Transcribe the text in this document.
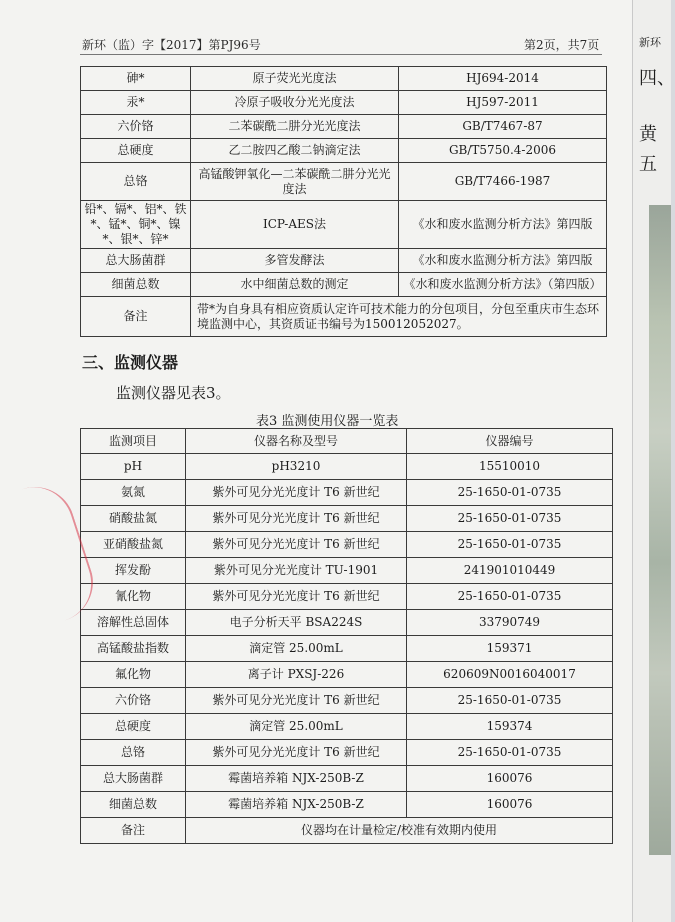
新环（监）字【2017】第PJ96号	第2页，共7页
砷*	原子荧光光度法	HJ694-2014
汞*	冷原子吸收分光光度法	HJ597-2011
六价铬	二苯碳酰二肼分光光度法	GB/T7467-87
总硬度	乙二胺四乙酸二钠滴定法	GB/T5750.4-2006
总铬	高锰酸钾氧化—二苯碳酰二肼分光光度法	GB/T7466-1987
铅*、镉*、铝*、铁*、锰*、铜*、镍*、银*、锌*	ICP-AES法	《水和废水监测分析方法》第四版
总大肠菌群	多管发酵法	《水和废水监测分析方法》第四版
细菌总数	水中细菌总数的测定	《水和废水监测分析方法》（第四版）
备注	带*为自身具有相应资质认定许可技术能力的分包项目，分包至重庆市生态环境监测中心，其资质证书编号为150012052027。	
三、监测仪器
监测仪器见表3。
表3 监测使用仪器一览表
监测项目	仪器名称及型号	仪器编号
pH	pH3210	15510010
氨氮	紫外可见分光光度计 T6 新世纪	25-1650-01-0735
硝酸盐氮	紫外可见分光光度计 T6 新世纪	25-1650-01-0735
亚硝酸盐氮	紫外可见分光光度计 T6 新世纪	25-1650-01-0735
挥发酚	紫外可见分光光度计 TU-1901	241901010449
氰化物	紫外可见分光光度计 T6 新世纪	25-1650-01-0735
溶解性总固体	电子分析天平 BSA224S	33790749
高锰酸盐指数	滴定管 25.00mL	159371
氟化物	离子计 PXSJ-226	620609N0016040017
六价铬	紫外可见分光光度计 T6 新世纪	25-1650-01-0735
总硬度	滴定管 25.00mL	159374
总铬	紫外可见分光光度计 T6 新世纪	25-1650-01-0735
总大肠菌群	霉菌培养箱 NJX-250B-Z	160076
细菌总数	霉菌培养箱 NJX-250B-Z	160076
备注	仪器均在计量检定/校准有效期内使用	
新环
四、
黄
五
